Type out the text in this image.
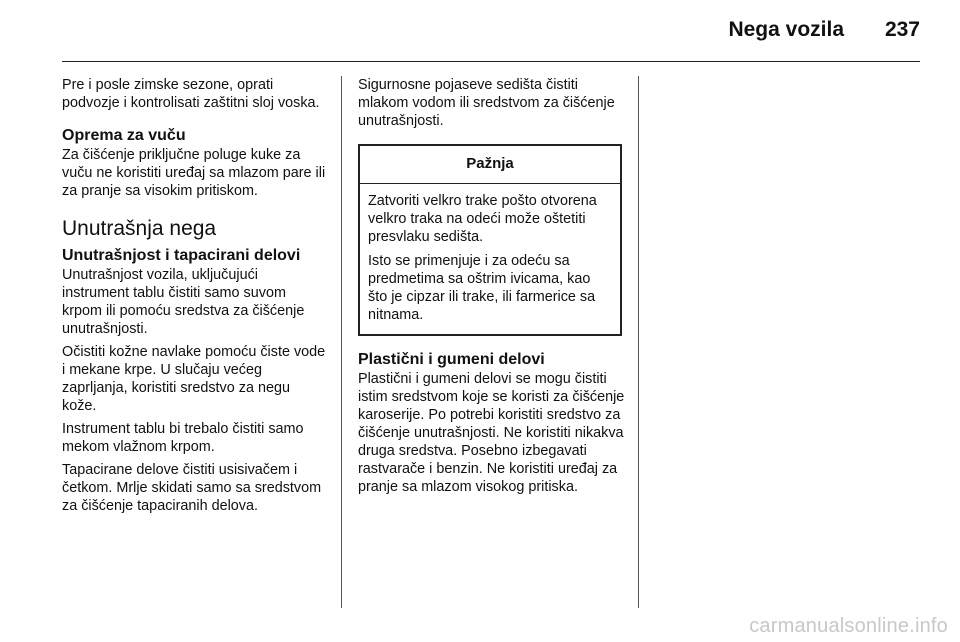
Nega vozila 237

Pre i posle zimske sezone, oprati podvozje i kontrolisati zaštitni sloj voska.

Oprema za vuču

Za čišćenje priključne poluge kuke za vuču ne koristiti uređaj sa mlazom pare ili za pranje sa visokim pritiskom.

Unutrašnja nega
Unutrašnjost i tapacirani delovi

Unutrašnjost vozila, uključujući instrument tablu čistiti samo suvom krpom ili pomoću sredstva za čišćenje unutrašnjosti.

Očistiti kožne navlake pomoću čiste vode i mekane krpe. U slučaju većeg zaprljanja, koristiti sredstvo za negu kože.

Instrument tablu bi trebalo čistiti samo mekom vlažnom krpom.

Tapacirane delove čistiti usisivačem i četkom. Mrlje skidati samo sa sredstvom za čišćenje tapaciranih delova.

Sigurnosne pojaseve sedišta čistiti mlakom vodom ili sredstvom za čišćenje unutrašnjosti.

Pažnja

Zatvoriti velkro trake pošto otvorena velkro traka na odeći može oštetiti presvlaku sedišta.

Isto se primenjuje i za odeću sa predmetima sa oštrim ivicama, kao što je cipzar ili trake, ili farmerice sa nitnama.

Plastični i gumeni delovi

Plastični i gumeni delovi se mogu čistiti istim sredstvom koje se koristi za čišćenje karoserije. Po potrebi koristiti sredstvo za čišćenje unutrašnjosti. Ne koristiti nikakva druga sredstva. Posebno izbegavati rastvarače i benzin. Ne koristiti uređaj za pranje sa mlazom visokog pritiska.

carmanualsonline.info
